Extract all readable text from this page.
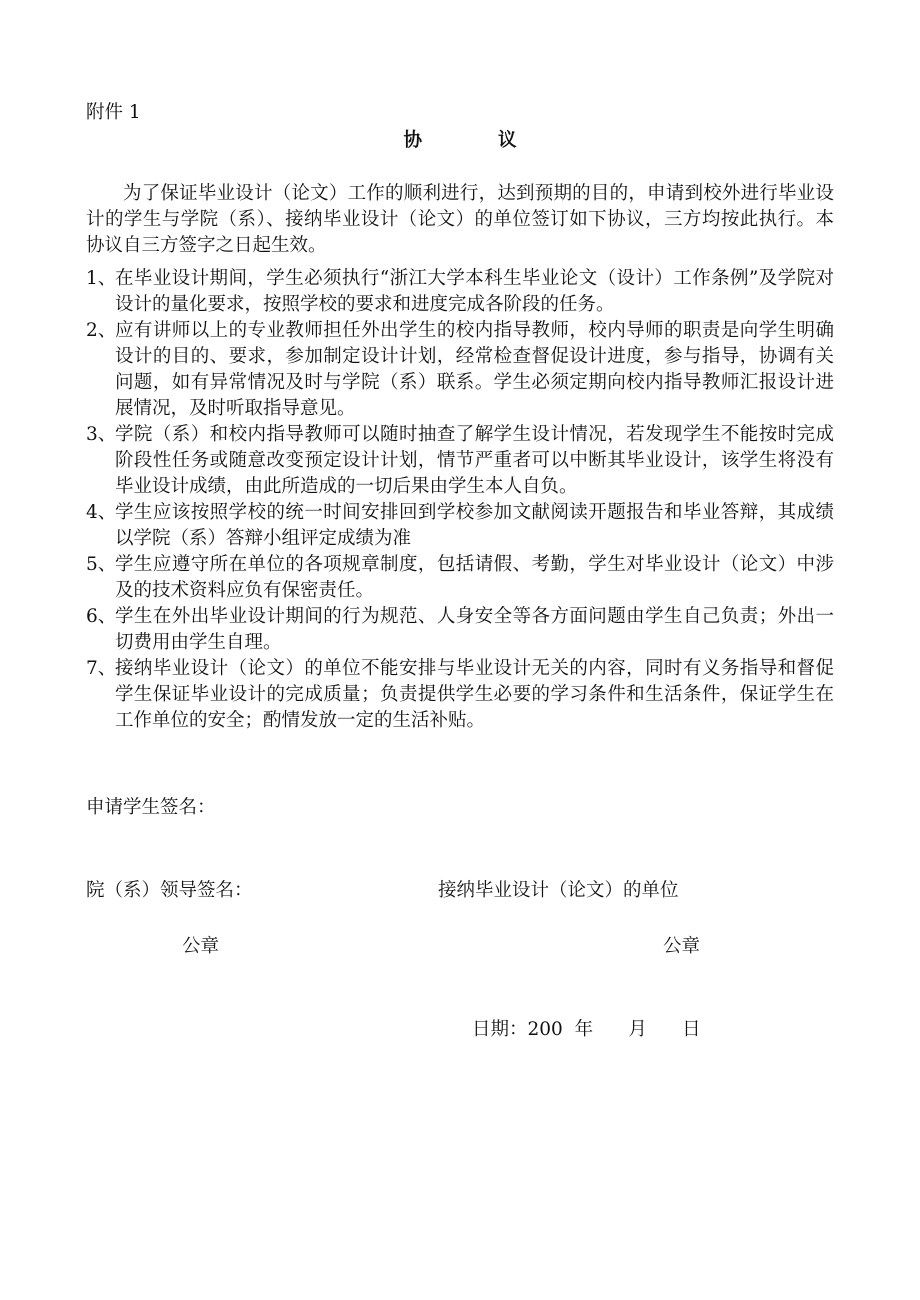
附件 1
协	议
为了保证毕业设计（论文）工作的顺利进行，达到预期的目的，申请到校外进行毕业设计的学生与学院（系）、接纳毕业设计（论文）的单位签订如下协议，三方均按此执行。本协议自三方签字之日起生效。
1、
在毕业设计期间，学生必须执行“浙江大学本科生毕业论文（设计）工作条例”及学院对设计的量化要求，按照学校的要求和进度完成各阶段的任务。
2、
应有讲师以上的专业教师担任外出学生的校内指导教师，校内导师的职责是向学生明确设计的目的、要求，参加制定设计计划，经常检查督促设计进度，参与指导，协调有关问题，如有异常情况及时与学院（系）联系。学生必须定期向校内指导教师汇报设计进展情况，及时听取指导意见。
3、
学院（系）和校内指导教师可以随时抽查了解学生设计情况，若发现学生不能按时完成阶段性任务或随意改变预定设计计划，情节严重者可以中断其毕业设计，该学生将没有毕业设计成绩，由此所造成的一切后果由学生本人自负。
4、
学生应该按照学校的统一时间安排回到学校参加文献阅读开题报告和毕业答辩，其成绩以学院（系）答辩小组评定成绩为准
5、
学生应遵守所在单位的各项规章制度，包括请假、考勤，学生对毕业设计（论文）中涉及的技术资料应负有保密责任。
6、
学生在外出毕业设计期间的行为规范、人身安全等各方面问题由学生自己负责；外出一切费用由学生自理。
7、
接纳毕业设计（论文）的单位不能安排与毕业设计无关的内容，同时有义务指导和督促学生保证毕业设计的完成质量；负责提供学生必要的学习条件和生活条件，保证学生在工作单位的安全；酌情发放一定的生活补贴。
申请学生签名：
院（系）领导签名：	接纳毕业设计（论文）的单位
公章	公章
日期：200  年      月      日
